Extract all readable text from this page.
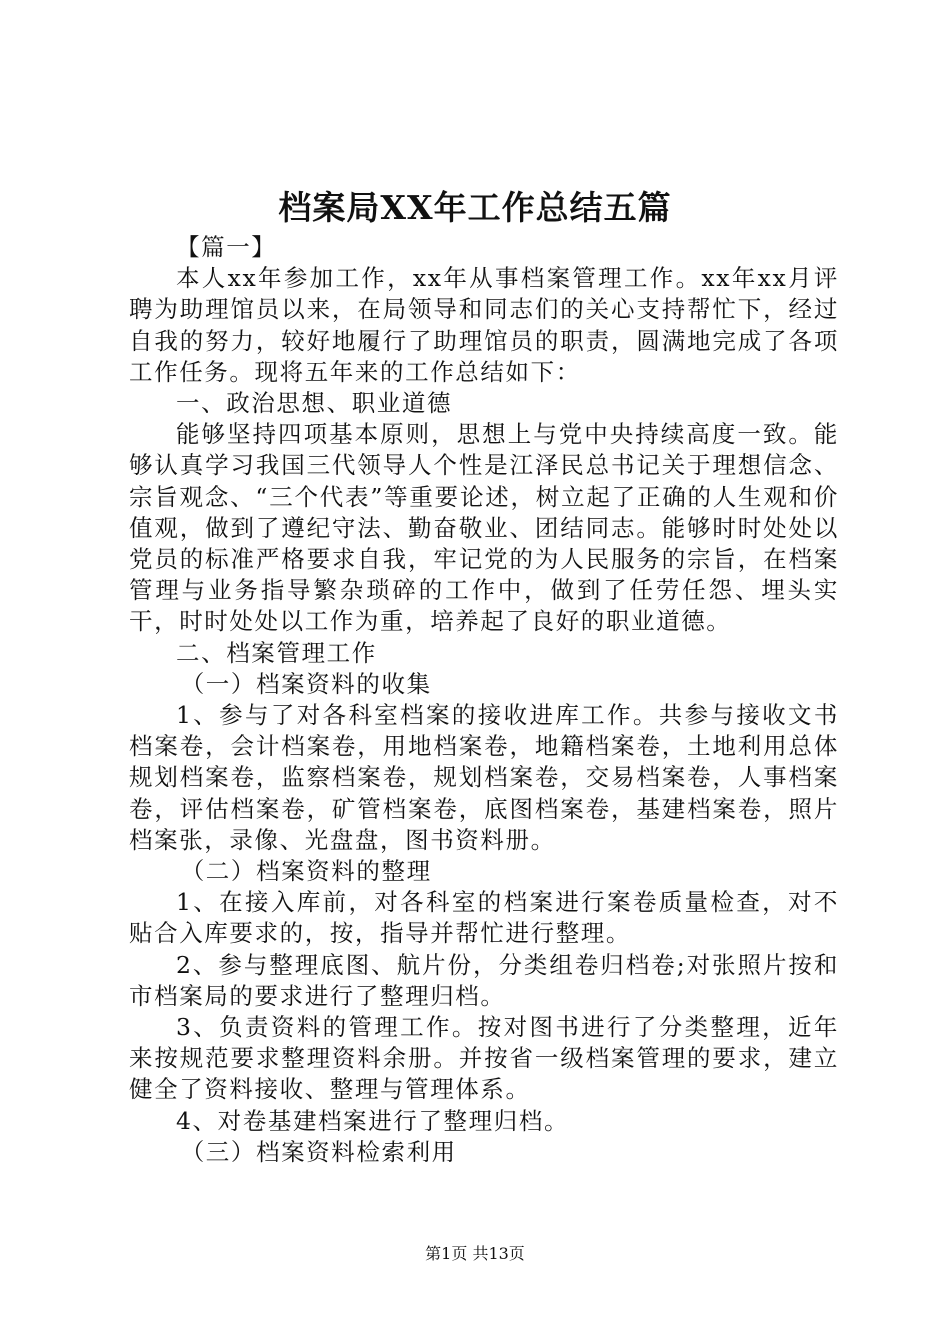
档案局XX年工作总结五篇

【篇一】

本人xx年参加工作，xx年从事档案管理工作。xx年xx月评聘为助理馆员以来，在局领导和同志们的关心支持帮忙下，经过自我的努力，较好地履行了助理馆员的职责，圆满地完成了各项工作任务。现将五年来的工作总结如下：

一、政治思想、职业道德

能够坚持四项基本原则，思想上与党中央持续高度一致。能够认真学习我国三代领导人个性是江泽民总书记关于理想信念、宗旨观念、“三个代表”等重要论述，树立起了正确的人生观和价值观，做到了遵纪守法、勤奋敬业、团结同志。能够时时处处以党员的标准严格要求自我，牢记党的为人民服务的宗旨，在档案管理与业务指导繁杂琐碎的工作中，做到了任劳任怨、埋头实干，时时处处以工作为重，培养起了良好的职业道德。

二、档案管理工作

（一）档案资料的收集

1、参与了对各科室档案的接收进库工作。共参与接收文书档案卷，会计档案卷，用地档案卷，地籍档案卷，土地利用总体规划档案卷，监察档案卷，规划档案卷，交易档案卷，人事档案卷，评估档案卷，矿管档案卷，底图档案卷，基建档案卷，照片档案张，录像、光盘盘，图书资料册。

（二）档案资料的整理

1、在接入库前，对各科室的档案进行案卷质量检查，对不贴合入库要求的，按，指导并帮忙进行整理。

2、参与整理底图、航片份，分类组卷归档卷;对张照片按和市档案局的要求进行了整理归档。

3、负责资料的管理工作。按对图书进行了分类整理，近年来按规范要求整理资料余册。并按省一级档案管理的要求，建立健全了资料接收、整理与管理体系。

4、对卷基建档案进行了整理归档。

（三）档案资料检索利用

第1页 共13页
